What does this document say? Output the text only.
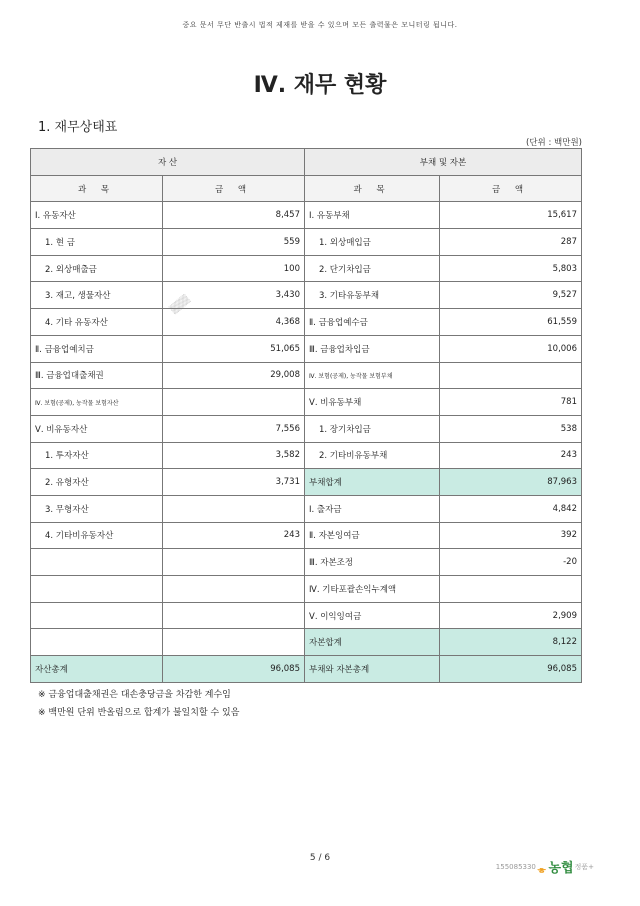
중요 문서 무단 반출시 법적 제재를 받을 수 있으며 모든 출력물은 모니터링 됩니다.
Ⅳ. 재무 현황
1. 재무상태표
(단위 : 백만원)
▒▒▒
자 산		부채 및 자본	
과 목	금 액	과 목	금 액
Ⅰ. 유동자산	8,457	Ⅰ. 유동부채	15,617
1. 현 금	559	1. 외상매입금	287
2. 외상매출금	100	2. 단기차입금	5,803
3. 재고, 생물자산	3,430	3. 기타유동부채	9,527
4. 기타 유동자산	4,368	Ⅱ. 금융업예수금	61,559
Ⅱ. 금융업예치금	51,065	Ⅲ. 금융업차입금	10,006
Ⅲ. 금융업대출채권	29,008	Ⅳ. 보험(공제), 농작물 보험부채	
Ⅳ. 보험(공제), 농작물 보험자산		Ⅴ. 비유동부채	781
Ⅴ. 비유동자산	7,556	1. 장기차입금	538
1. 투자자산	3,582	2. 기타비유동부채	243
2. 유형자산	3,731	부채합계	87,963
3. 무형자산		Ⅰ. 출자금	4,842
4. 기타비유동자산	243	Ⅱ. 자본잉여금	392
		Ⅲ. 자본조정	-20
		Ⅳ. 기타포괄손익누계액	
		Ⅴ. 이익잉여금	2,909
		자본합계	8,122
자산총계	96,085	부채와 자본총계	96,085
※ 금융업대출채권은 대손충당금을 차감한 계수임
※ 백만원 단위 반올림으로 합계가 불일치할 수 있음
5 / 6
155085330 ᇂ 농협 정품+
